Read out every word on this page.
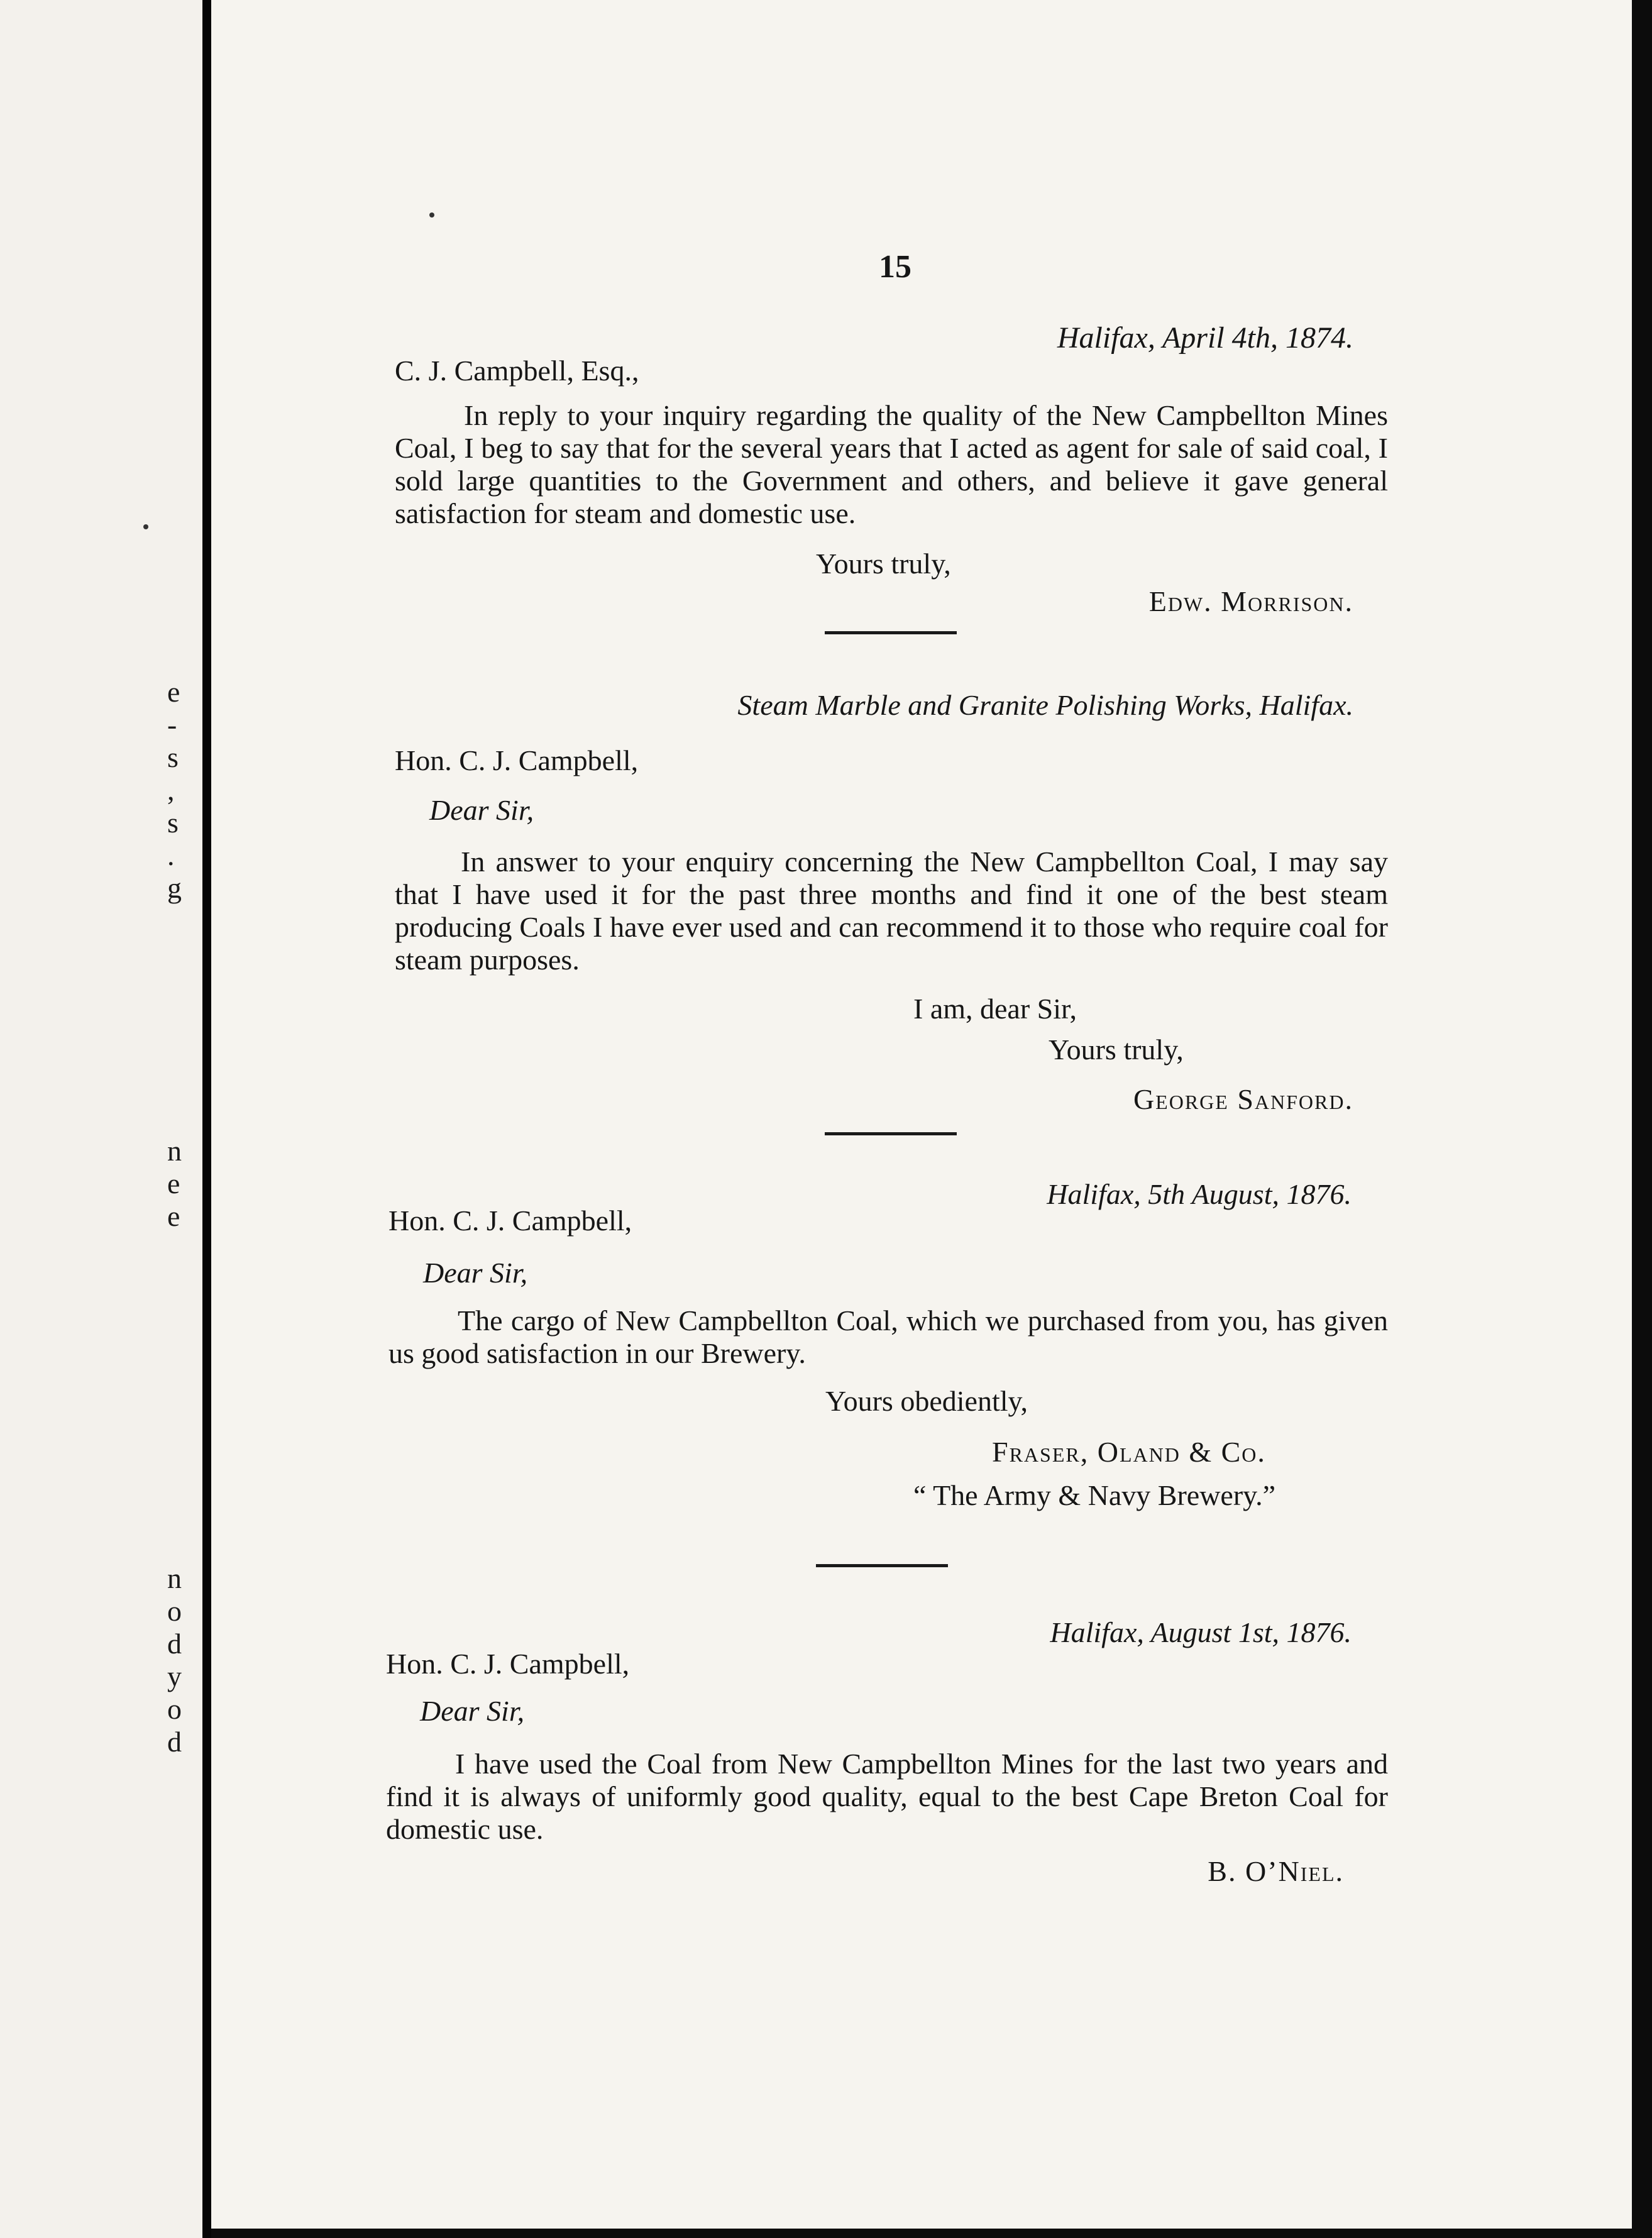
e
-
s
,
s
.
g
n
e
e
n
o
d
y
o
d
15
Halifax, April 4th, 1874.
C. J. Campbell, Esq.,
In reply to your inquiry regarding the quality of the New Campbellton Mines Coal, I beg to say that for the several years that I acted as agent for sale of said coal, I sold large quantities to the Government and others, and believe it gave general satisfaction for steam and domestic use.
Yours truly,
Edw. Morrison.
Steam Marble and Granite Polishing Works, Halifax.
Hon. C. J. Campbell,
Dear Sir,
In answer to your enquiry concerning the New Campbellton Coal, I may say that I have used it for the past three months and find it one of the best steam producing Coals I have ever used and can recommend it to those who require coal for steam purposes.
I am, dear Sir,
Yours truly,
George Sanford.
Halifax, 5th August, 1876.
Hon. C. J. Campbell,
Dear Sir,
The cargo of New Campbellton Coal, which we purchased from you, has given us good satisfaction in our Brewery.
Yours obediently,
Fraser, Oland & Co.
“ The Army & Navy Brewery.”
Halifax, August 1st, 1876.
Hon. C. J. Campbell,
Dear Sir,
I have used the Coal from New Campbellton Mines for the last two years and find it is always of uniformly good quality, equal to the best Cape Breton Coal for domestic use.
B. O’Niel.
